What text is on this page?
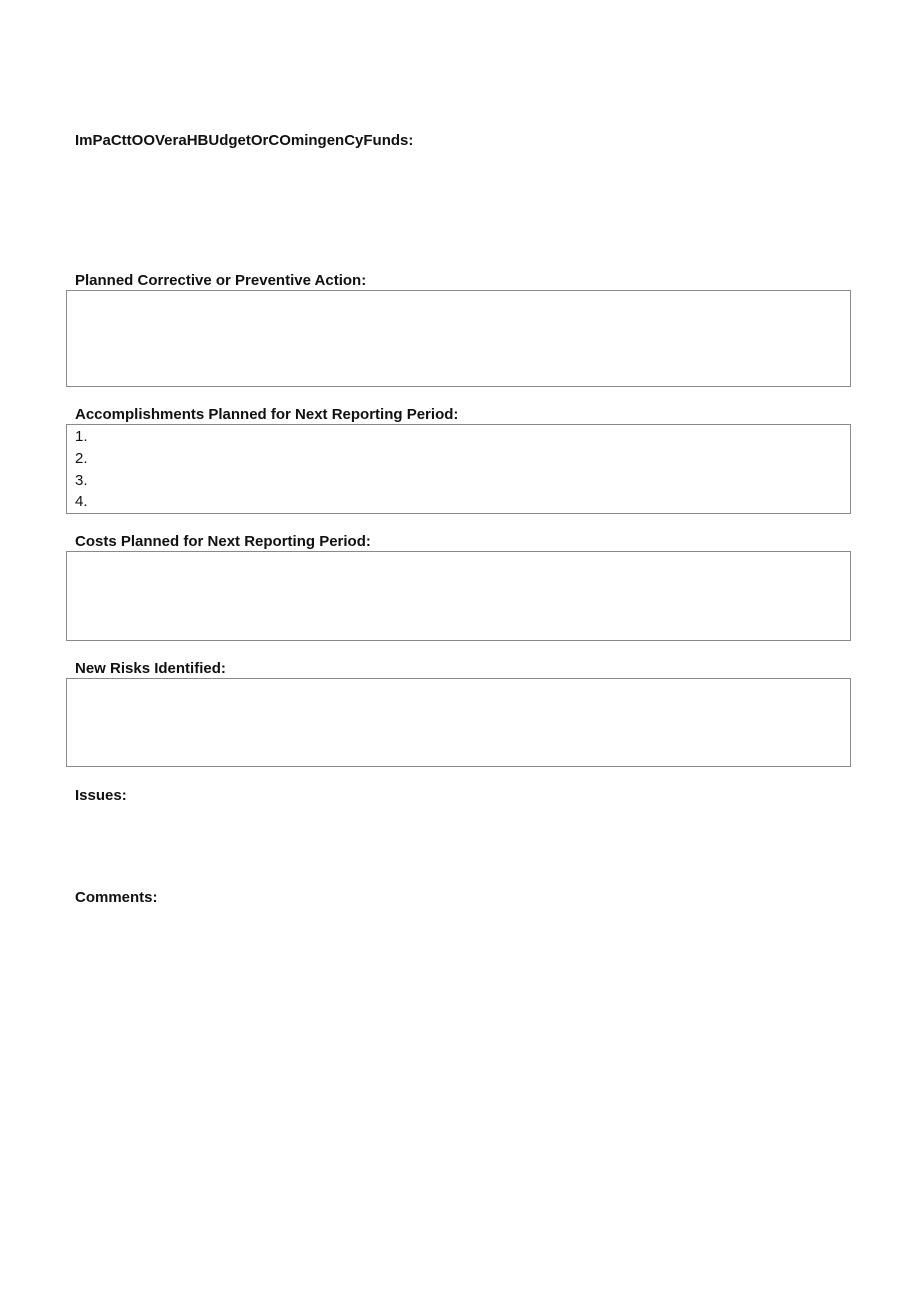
ImPaCttOOVeraHBUdgetOrCOmingenCyFunds:
Planned Corrective or Preventive Action:
Accomplishments Planned for Next Reporting Period:
1.
2.
3.
4.
Costs Planned for Next Reporting Period:
New Risks Identified:
Issues:
Comments:
